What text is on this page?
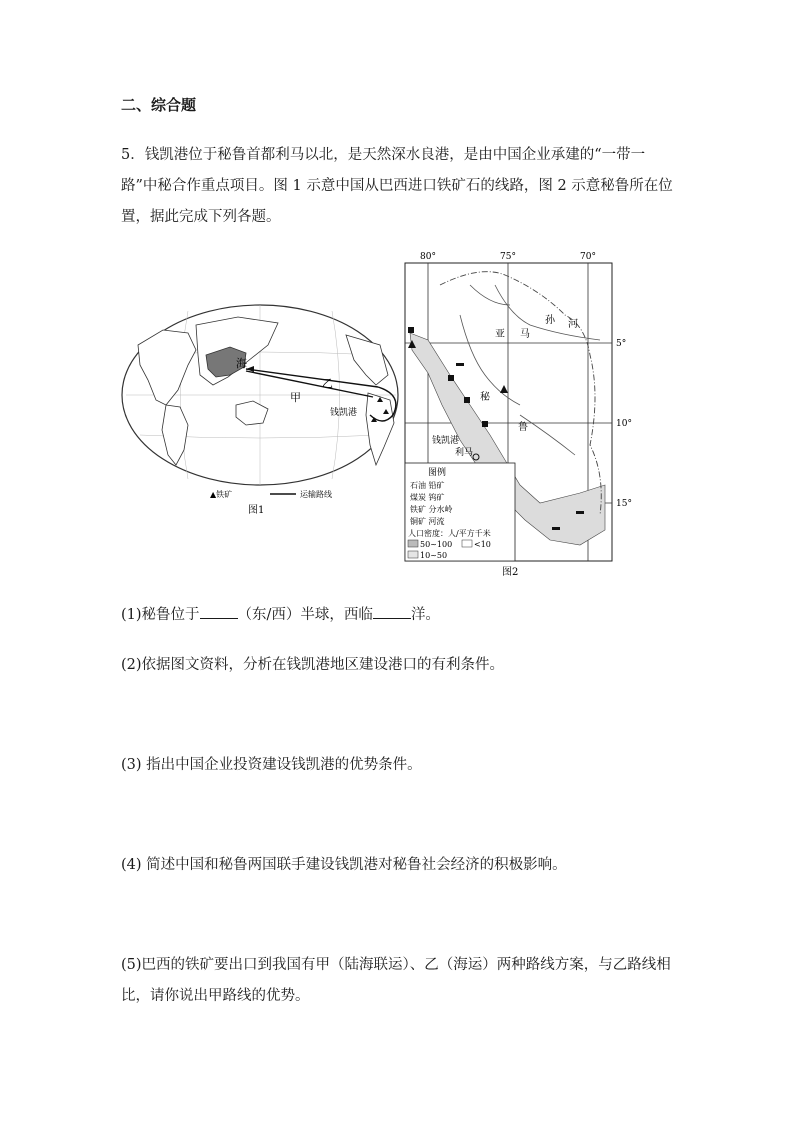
二、综合题
5．钱凯港位于秘鲁首都利马以北，是天然深水良港，是由中国企业承建的“一带一路”中秘合作重点项目。图 1 示意中国从巴西进口铁矿石的线路，图 2 示意秘鲁所在位置，据此完成下列各题。
海
乙
甲
钱凯港
▲铁矿	运输路线
图1
80°	75°	70°
5°
10°
15°
亚 马
孙 河
秘
鲁
钱凯港
利马
图例
石油 铅矿
煤炭 钨矿
铁矿 分水岭
铜矿 河流
人口密度：人/平方千米
50~100	<10
10~50
图2
(1)秘鲁位于	（东/西）半球，西临	洋。
(2)依据图文资料，分析在钱凯港地区建设港口的有利条件。
(3) 指出中国企业投资建设钱凯港的优势条件。
(4) 简述中国和秘鲁两国联手建设钱凯港对秘鲁社会经济的积极影响。
(5)巴西的铁矿要出口到我国有甲（陆海联运）、乙（海运）两种路线方案，与乙路线相比，请你说出甲路线的优势。
